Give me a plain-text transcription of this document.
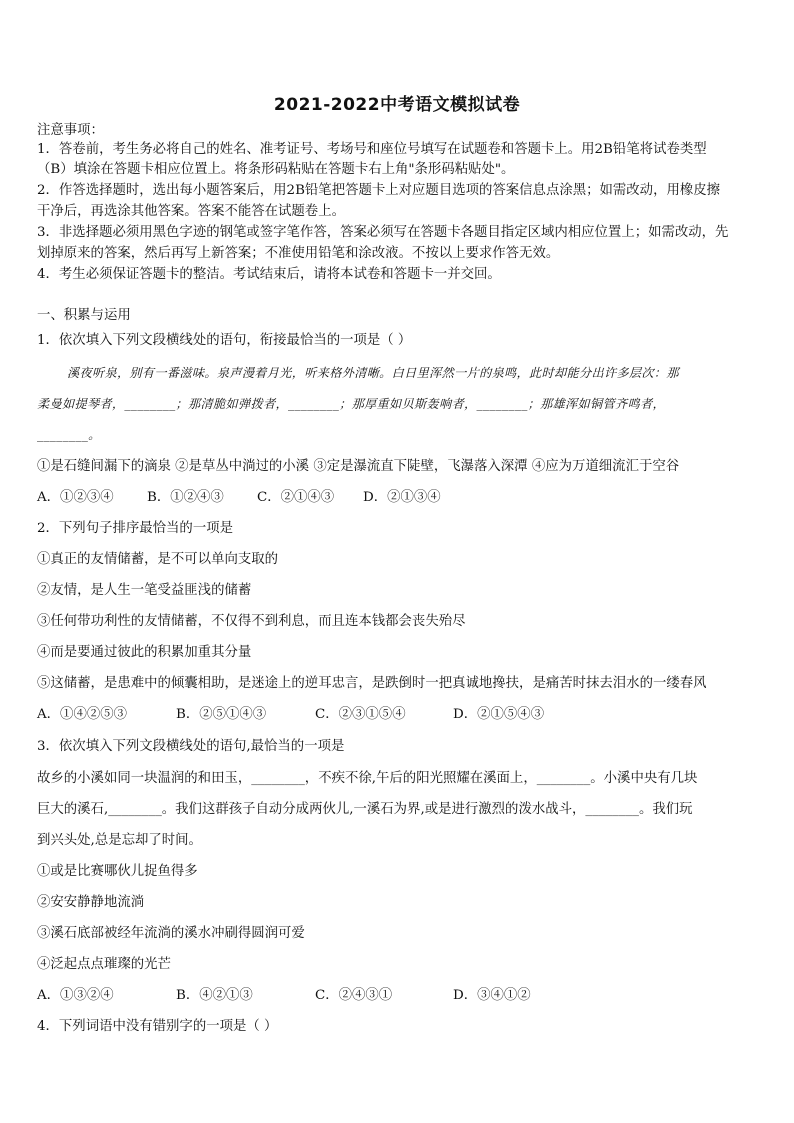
2021-2022中考语文模拟试卷
注意事项：
1．答卷前，考生务必将自己的姓名、准考证号、考场号和座位号填写在试题卷和答题卡上。用2B铅笔将试卷类型
（B）填涂在答题卡相应位置上。将条形码粘贴在答题卡右上角"条形码粘贴处"。
2．作答选择题时，选出每小题答案后，用2B铅笔把答题卡上对应题目选项的答案信息点涂黑；如需改动，用橡皮擦
干净后，再选涂其他答案。答案不能答在试题卷上。
3．非选择题必须用黑色字迹的钢笔或签字笔作答，答案必须写在答题卡各题目指定区域内相应位置上；如需改动，先
划掉原来的答案，然后再写上新答案；不准使用铅笔和涂改液。不按以上要求作答无效。
4．考生必须保证答题卡的整洁。考试结束后，请将本试卷和答题卡一并交回。
一、积累与运用
1．依次填入下列文段横线处的语句，衔接最恰当的一项是（ ）
溪夜听泉，别有一番滋味。泉声漫着月光，听来格外清晰。白日里浑然一片的泉鸣，此时却能分出许多层次：那
柔曼如提琴者，________；那清脆如弹拨者，________；那厚重如贝斯轰响者，________；那雄浑如铜管齐鸣者，
________。
①是石缝间漏下的滴泉 ②是草丛中淌过的小溪 ③定是瀑流直下陡壁，飞瀑落入深潭 ④应为万道细流汇于空谷
A．①②③④ B．①②④③ C．②①④③ D．②①③④
2．下列句子排序最恰当的一项是
①真正的友情储蓄，是不可以单向支取的
②友情，是人生一笔受益匪浅的储蓄
③任何带功利性的友情储蓄，不仅得不到利息，而且连本钱都会丧失殆尽
④而是要通过彼此的积累加重其分量
⑤这储蓄，是患难中的倾囊相助，是迷途上的逆耳忠言，是跌倒时一把真诚地搀扶，是痛苦时抹去泪水的一缕春风
A．①④②⑤③	B．②⑤①④③	C．②③①⑤④	D．②①⑤④③
3．依次填入下列文段横线处的语句,最恰当的一项是
故乡的小溪如同一块温润的和田玉，________，不疾不徐,午后的阳光照耀在溪面上，________。小溪中央有几块
巨大的溪石,________。我们这群孩子自动分成两伙儿,一溪石为界,或是进行激烈的泼水战斗，________。我们玩
到兴头处,总是忘却了时间。
①或是比赛哪伙儿捉鱼得多
②安安静静地流淌
③溪石底部被经年流淌的溪水冲刷得圆润可爱
④泛起点点璀璨的光芒
A．①③②④	B．④②①③	C．②④③①	D．③④①②
4．下列词语中没有错别字的一项是（ ）
